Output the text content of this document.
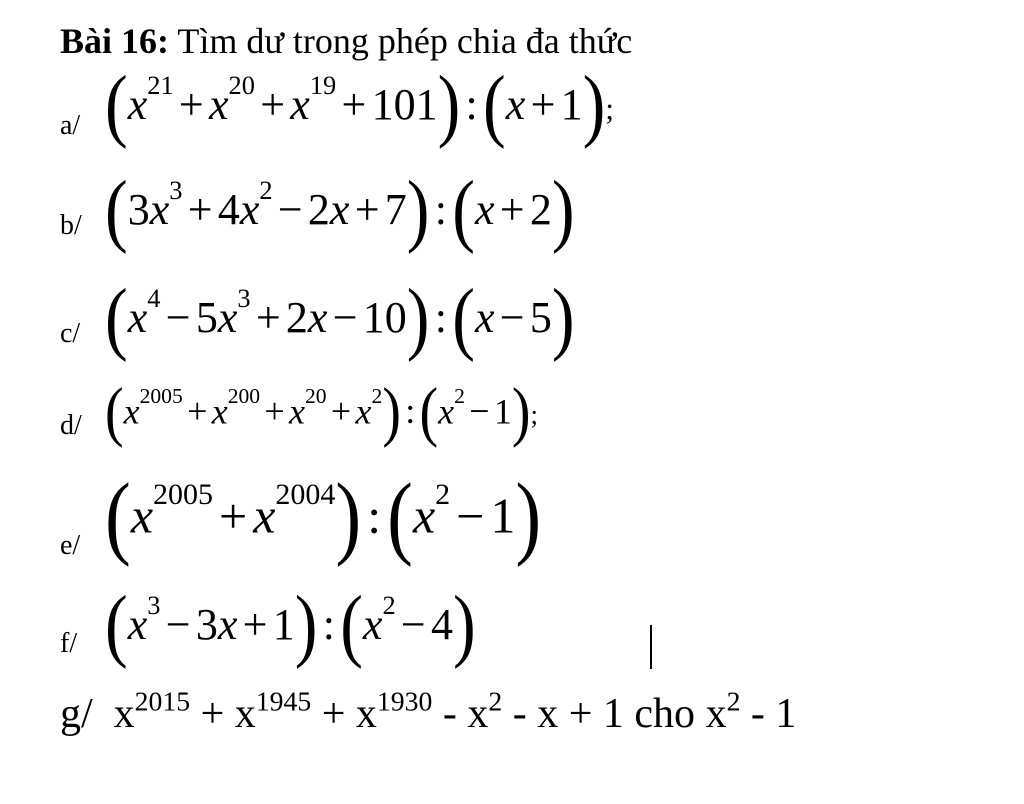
Bài 16: Tìm dư trong phép chia đa thức
a/ $(x^{21} + x^{20} + x^{19} + 101)$ :(x + 1);
b/ $(3x^3 + 4x^2 - 2x + 7)$ :(x + 2)
c/ $(x^4 - 5x^3 + 2x - 10)$ :(x − 5)
d/ $(x^{2005} + x^{200} + x^{20} + x^2)$ $:(x^2 - 1)$;
e/ $(x^{2005} + x^{2004})$ $:(x^2 - 1)$
f/ $(x^3 - 3x + 1)$ $:(x^2 - 4)$
g/  $x^{2015} + x^{1945} + x^{1930} - x^2 - x + 1$ cho $x^2 - 1$
